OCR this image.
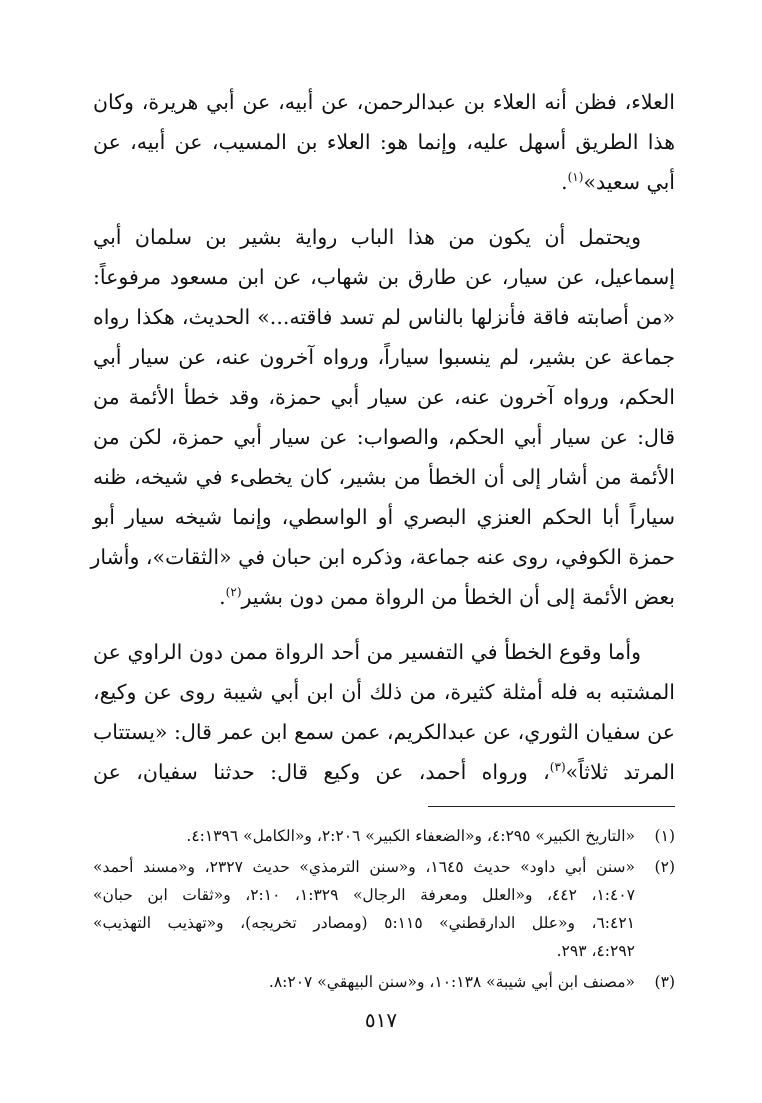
العلاء، فظن أنه العلاء بن عبدالرحمن، عن أبيه، عن أبي هريرة، وكان
هذا الطريق أسهل عليه، وإنما هو: العلاء بن المسيب، عن أبيه، عن
أبي سعيد»$^{(١)}$.

ويحتمل أن يكون من هذا الباب رواية بشير بن سلمان أبي
إسماعيل، عن سيار، عن طارق بن شهاب، عن ابن مسعود مرفوعاً:
«من أصابته فاقة فأنزلها بالناس لم تسد فاقته...» الحديث، هكذا رواه
جماعة عن بشير، لم ينسبوا سياراً، ورواه آخرون عنه، عن سيار أبي
الحكم، ورواه آخرون عنه، عن سيار أبي حمزة، وقد خطأ الأئمة من
قال: عن سيار أبي الحكم، والصواب: عن سيار أبي حمزة، لكن من
الأئمة من أشار إلى أن الخطأ من بشير، كان يخطىء في شيخه، ظنه
سياراً أبا الحكم العنزي البصري أو الواسطي، وإنما شيخه سيار أبو
حمزة الكوفي، روى عنه جماعة، وذكره ابن حبان في «الثقات»، وأشار
بعض الأئمة إلى أن الخطأ من الرواة ممن دون بشير$^{(٢)}$.

وأما وقوع الخطأ في التفسير من أحد الرواة ممن دون الراوي عن
المشتبه به فله أمثلة كثيرة، من ذلك أن ابن أبي شيبة روى عن وكيع،
عن سفيان الثوري، عن عبدالكريم، عمن سمع ابن عمر قال: «يستتاب
المرتد ثلاثاً»$^{(٣)}$، ورواه أحمد، عن وكيع قال: حدثنا سفيان، عن

(١)
«التاريخ الكبير» ٤:٢٩٥، و«الضعفاء الكبير» ٢:٢٠٦، و«الكامل» ٤:١٣٩٦.
(٢)
«سنن أبي داود» حديث ١٦٤٥، و«سنن الترمذي» حديث ٢٣٢٧، و«مسند أحمد»
١:٤٠٧، ٤٤٢، و«العلل ومعرفة الرجال» ١:٣٢٩، ٢:١٠، و«ثقات ابن حبان»
٦:٤٢١، و«علل الدارقطني» ٥:١١٥ (ومصادر تخريجه)، و«تهذيب التهذيب»
٤:٢٩٢، ٢٩٣.
(٣)
«مصنف ابن أبي شيبة» ١٠:١٣٨، و«سنن البيهقي» ٨:٢٠٧.
٥١٧
